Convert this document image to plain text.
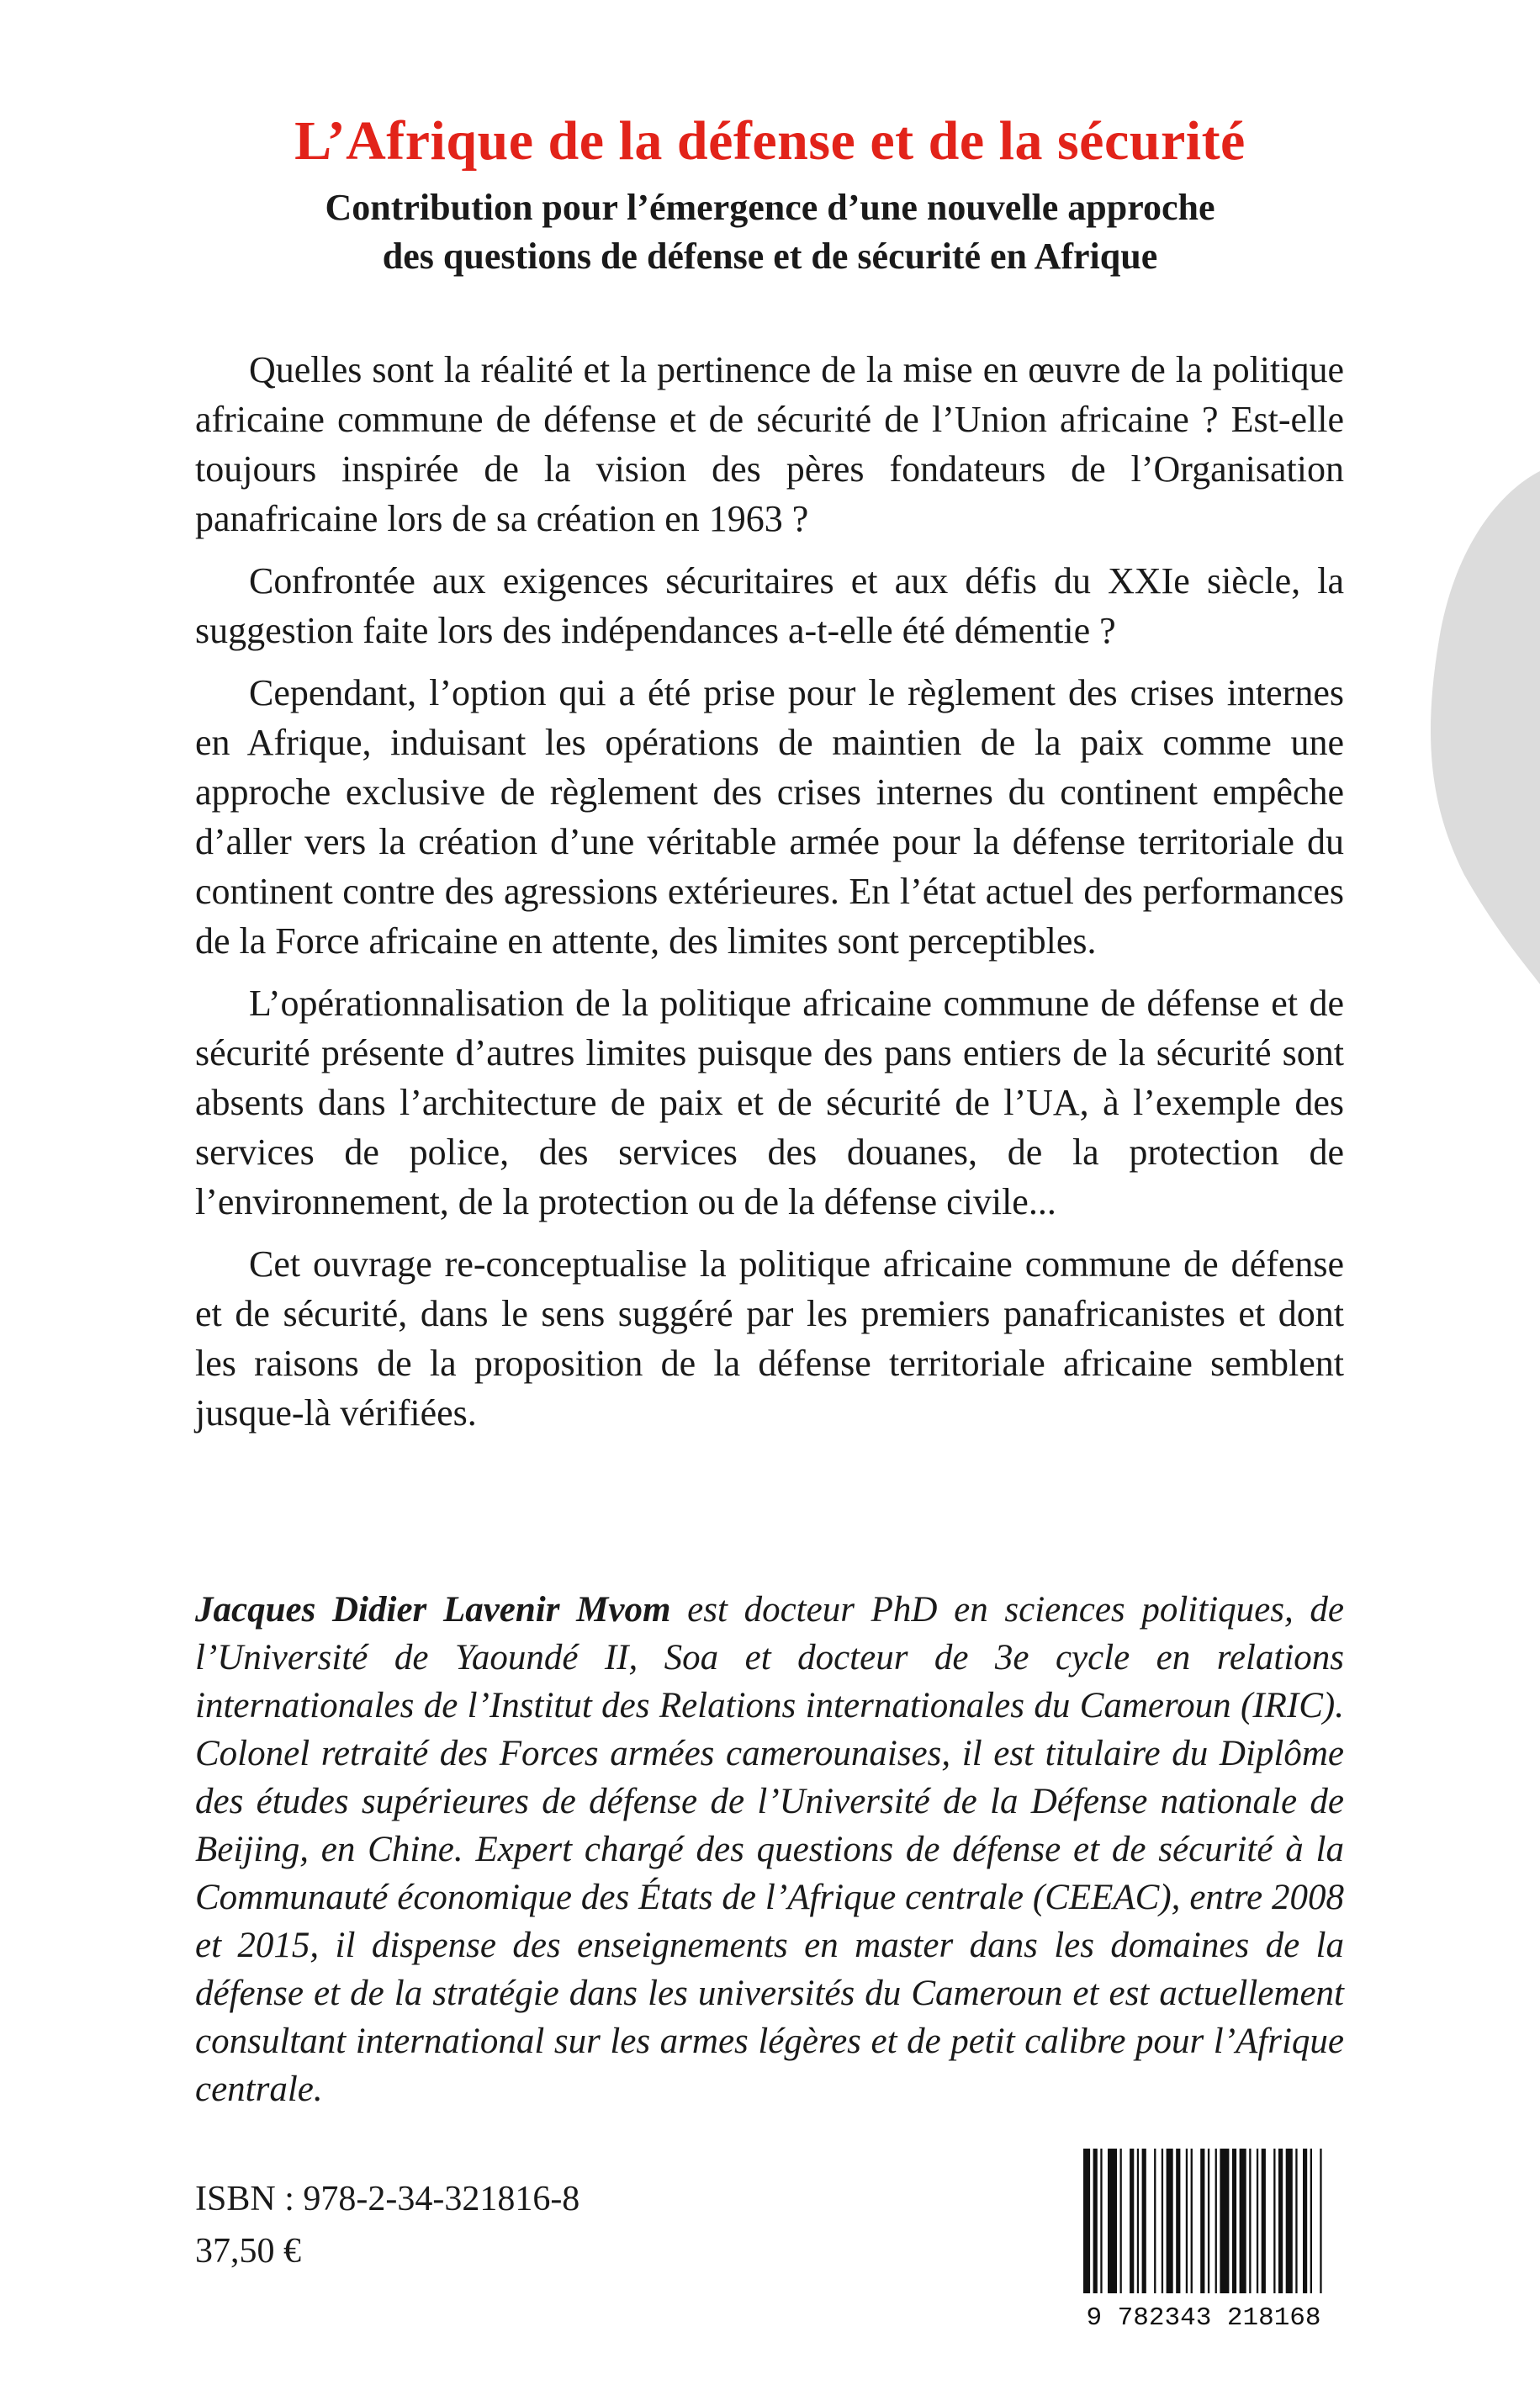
L’Afrique de la défense et de la sécurité
Contribution pour l’émergence d’une nouvelle approche
des questions de défense et de sécurité en Afrique

Quelles sont la réalité et la pertinence de la mise en œuvre de la politique africaine commune de défense et de sécurité de l’Union africaine ? Est-elle toujours inspirée de la vision des pères fondateurs de l’Organisation panafricaine lors de sa création en 1963 ?

Confrontée aux exigences sécuritaires et aux défis du XXIe siècle, la suggestion faite lors des indépendances a-t-elle été démentie ?

Cependant, l’option qui a été prise pour le règlement des crises internes en Afrique, induisant les opérations de maintien de la paix comme une approche exclusive de règlement des crises internes du continent empêche d’aller vers la création d’une véritable armée pour la défense territoriale du continent contre des agressions extérieures. En l’état actuel des performances de la Force africaine en attente, des limites sont perceptibles.

L’opérationnalisation de la politique africaine commune de défense et de sécurité présente d’autres limites puisque des pans entiers de la sécurité sont absents dans l’architecture de paix et de sécurité de l’UA, à l’exemple des services de police, des services des douanes, de la protection de l’environnement, de la protection ou de la défense civile...

Cet ouvrage re-conceptualise la politique africaine commune de défense et de sécurité, dans le sens suggéré par les premiers panafricanistes et dont les raisons de la proposition de la défense territoriale africaine semblent jusque-là vérifiées.

Jacques Didier Lavenir Mvom est docteur PhD en sciences politiques, de l’Université de Yaoundé II, Soa et docteur de 3e cycle en relations internationales de l’Institut des Relations internationales du Cameroun (IRIC). Colonel retraité des Forces armées camerounaises, il est titulaire du Diplôme des études supérieures de défense de l’Université de la Défense nationale de Beijing, en Chine. Expert chargé des questions de défense et de sécurité à la Communauté économique des États de l’Afrique centrale (CEEAC), entre 2008 et 2015, il dispense des enseignements en master dans les domaines de la défense et de la stratégie dans les universités du Cameroun et est actuellement consultant international sur les armes légères et de petit calibre pour l’Afrique centrale.

ISBN : 978-2-34-321816-8
37,50 €
9 782343 218168
